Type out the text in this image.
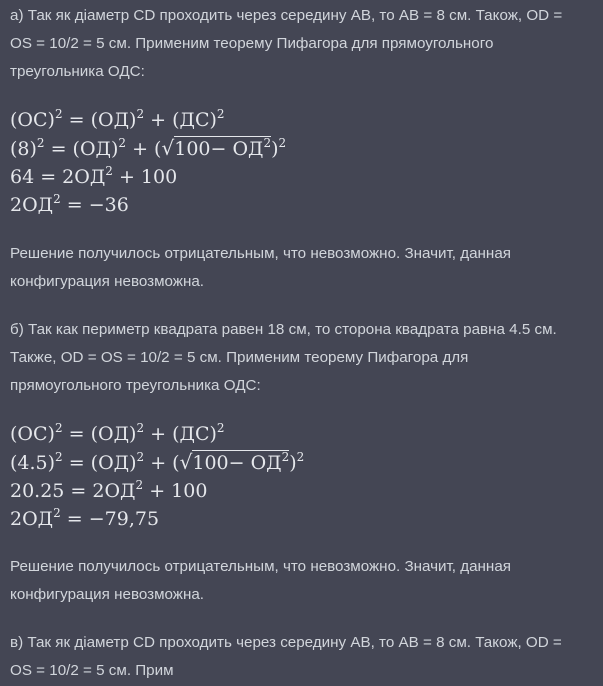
а) Так як діаметр CD проходить через середину AB, то AB = 8 см. Також, OD =
OS = 10/2 = 5 см. Применим теорему Пифагора для прямоугольного
треугольника ОДС:

(ОС)$^2$ = (ОД)$^2$ + (ДС)$^2$

$(8)^2 = (ОД)^2 + (√100- ОД^2)^2$

$64 = 2ОД^2 + 100$

$2ОД^2 = -36$

Решение получилось отрицательным, что невозможно. Значит, данная
конфигурация невозможна.

б) Так как периметр квадрата равен 18 см, то сторона квадрата равна 4.5 см.
Также, OD = OS = 10/2 = 5 см. Применим теорему Пифагора для
прямоугольного треугольника ОДС:

(ОС)$^2$ = (ОД)$^2$ + (ДС)$^2$

$(4.5)^2 = (ОД)^2 + (√100- ОД^2)^2$

$20.25 = 2ОД^2 + 100$

$2ОД^2 = -79,75$

Решение получилось отрицательным, что невозможно. Значит, данная
конфигурация невозможна.

в) Так як діаметр CD проходить через середину AB, то AB = 8 см. Також, OD =
OS = 10/2 = 5 см. Прим
